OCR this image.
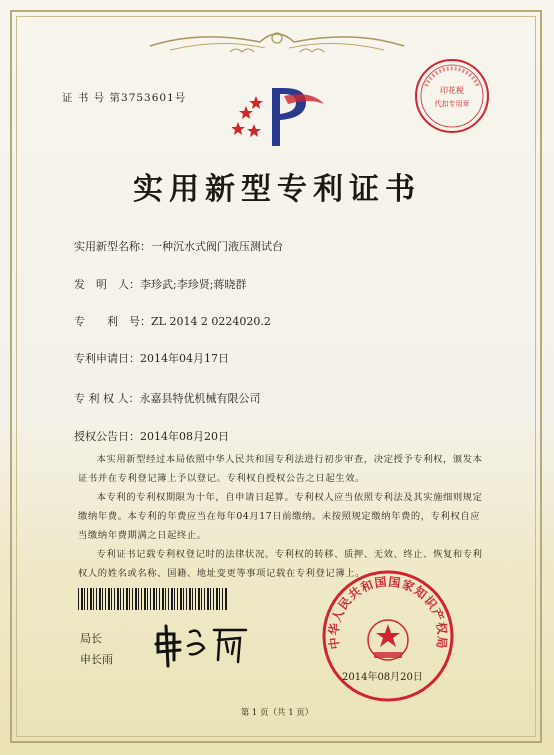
证 书 号 第3753601号
印花税
代扣专用章
实用新型专利证书
实用新型名称：一种沉水式阀门液压测试台
发　明　人：李珍武;李珍贤;蒋晓群
专　　利　号：ZL 2014 2 0224020.2
专利申请日：2014年04月17日
专 利 权 人：永嘉县特优机械有限公司
授权公告日：2014年08月20日

本实用新型经过本局依照中华人民共和国专利法进行初步审查，决定授予专利权，颁发本证书并在专利登记簿上予以登记。专利权自授权公告之日起生效。

本专利的专利权期限为十年，自申请日起算。专利权人应当依照专利法及其实施细则规定缴纳年费。本专利的年费应当在每年04月17日前缴纳。未按照规定缴纳年费的，专利权自应当缴纳年费期满之日起终止。

专利证书记载专利权登记时的法律状况。专利权的转移、质押、无效、终止、恢复和专利权人的姓名或名称、国籍、地址变更等事项记载在专利登记簿上。

局长
申长雨
中华人民共和国国家知识产权局
2014年08月20日
第 1 页（共 1 页）
